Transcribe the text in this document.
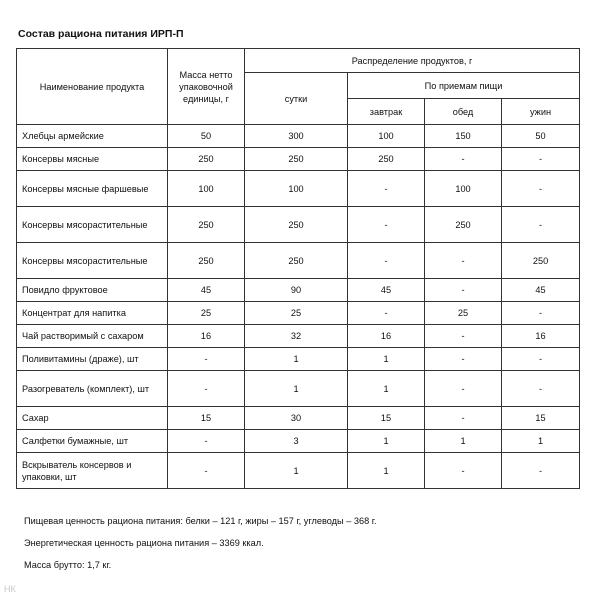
Состав рациона питания ИРП-П

Наименование продукта	Масса нетто упаковочной единицы, г	Распределение продуктов, г			
		сутки	По приемам пищи		
			завтрак	обед	ужин
Хлебцы армейские	50	300	100	150	50
Консервы мясные	250	250	250	-	-
Консервы мясные фаршевые	100	100	-	100	-
Консервы мясорастительные	250	250	-	250	-
Консервы мясорастительные	250	250	-	-	250
Повидло фруктовое	45	90	45	-	45
Концентрат для напитка	25	25	-	25	-
Чай растворимый с сахаром	16	32	16	-	16
Поливитамины (драже), шт	-	1	1	-	-
Разогреватель (комплект), шт	-	1	1	-	-
Сахар	15	30	15	-	15
Салфетки бумажные, шт	-	3	1	1	1
Вскрыватель консервов и упаковки, шт	-	1	1	-	-

Пищевая ценность рациона питания: белки – 121 г, жиры – 157 г, углеводы – 368 г.

Энергетическая ценность рациона питания – 3369 ккал.

Масса брутто: 1,7 кг.

НК
